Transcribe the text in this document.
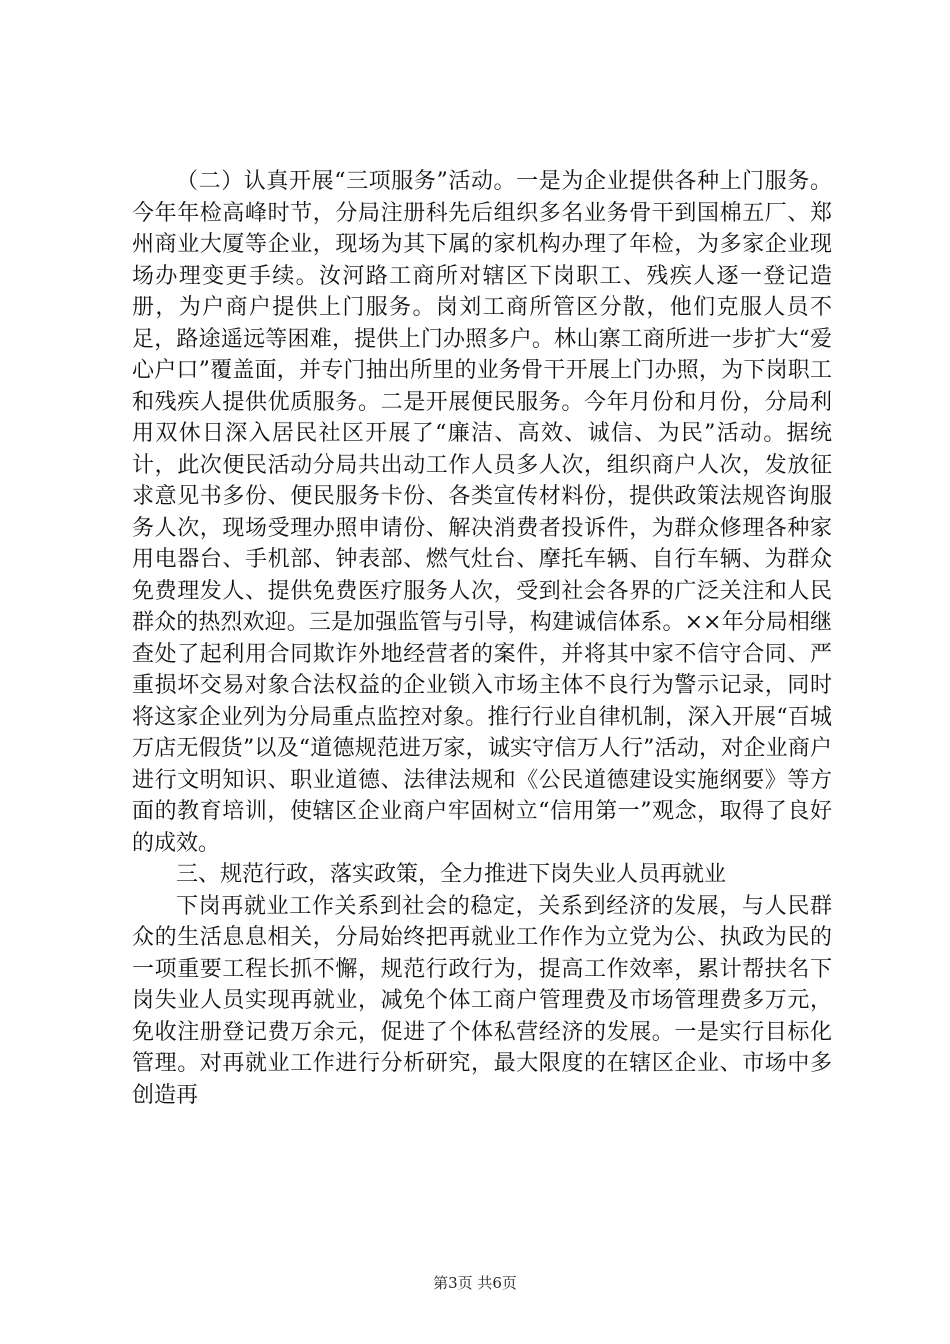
（二）认真开展“三项服务”活动。一是为企业提供各种上门服务。今年年检高峰时节，分局注册科先后组织多名业务骨干到国棉五厂、郑州商业大厦等企业，现场为其下属的家机构办理了年检，为多家企业现场办理变更手续。汝河路工商所对辖区下岗职工、残疾人逐一登记造册，为户商户提供上门服务。岗刘工商所管区分散，他们克服人员不足，路途遥远等困难，提供上门办照多户。林山寨工商所进一步扩大“爱心户口”覆盖面，并专门抽出所里的业务骨干开展上门办照，为下岗职工和残疾人提供优质服务。二是开展便民服务。今年月份和月份，分局利用双休日深入居民社区开展了“廉洁、高效、诚信、为民”活动。据统计，此次便民活动分局共出动工作人员多人次，组织商户人次，发放征求意见书多份、便民服务卡份、各类宣传材料份，提供政策法规咨询服务人次，现场受理办照申请份、解决消费者投诉件，为群众修理各种家用电器台、手机部、钟表部、燃气灶台、摩托车辆、自行车辆、为群众免费理发人、提供免费医疗服务人次，受到社会各界的广泛关注和人民群众的热烈欢迎。三是加强监管与引导，构建诚信体系。××年分局相继查处了起利用合同欺诈外地经营者的案件，并将其中家不信守合同、严重损坏交易对象合法权益的企业锁入市场主体不良行为警示记录，同时将这家企业列为分局重点监控对象。推行行业自律机制，深入开展“百城万店无假货”以及“道德规范进万家，诚实守信万人行”活动，对企业商户进行文明知识、职业道德、法律法规和《公民道德建设实施纲要》等方面的教育培训，使辖区企业商户牢固树立“信用第一”观念，取得了良好的成效。

三、规范行政，落实政策，全力推进下岗失业人员再就业

下岗再就业工作关系到社会的稳定，关系到经济的发展，与人民群众的生活息息相关，分局始终把再就业工作作为立党为公、执政为民的一项重要工程长抓不懈，规范行政行为，提高工作效率，累计帮扶名下岗失业人员实现再就业，减免个体工商户管理费及市场管理费多万元，免收注册登记费万余元，促进了个体私营经济的发展。一是实行目标化管理。对再就业工作进行分析研究，最大限度的在辖区企业、市场中多创造再

第3页 共6页
